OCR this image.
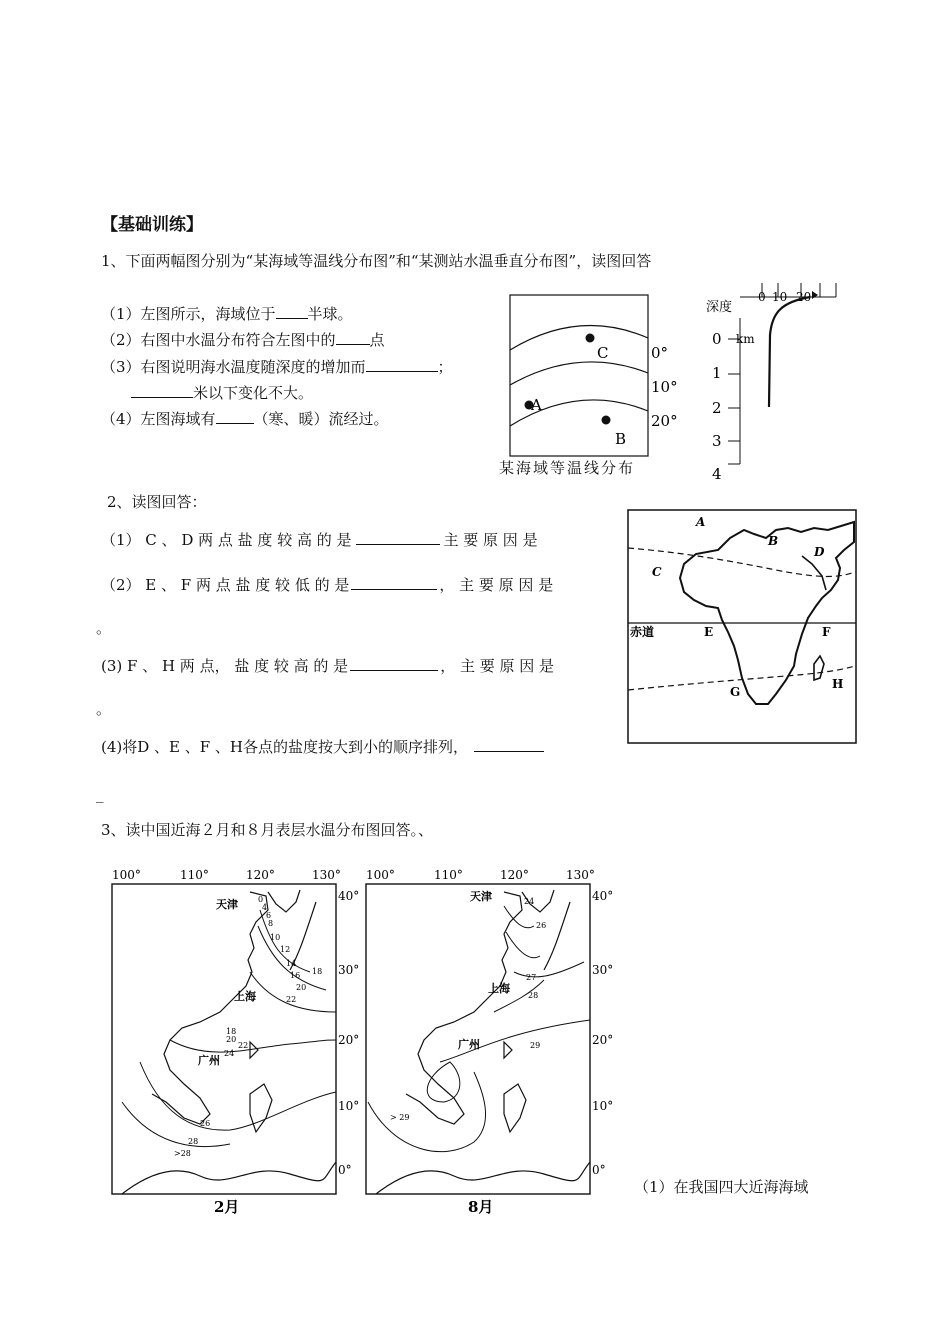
【基础训练】
1、下面两幅图分别为“某海域等温线分布图”和“某测站水温垂直分布图”，读图回答
（1）左图所示，海域位于 半球。
（2）右图中水温分布符合左图中的 点
（3）右图说明海水温度随深度的增加而	；
米以下变化不大。
（4）左图海域有	（寒、暖）流经过。
0°
10°
20°
C
A
B
某海域等温线分布
0 10 20
深度
0
1
2
3
4
km
2、读图回答：
（1） C 、 D 两 点 盐 度 较 高 的 是	主 要 原 因 是
（2） E 、 F 两 点 盐 度 较 低 的 是	， 主 要 原 因 是
。
(3) F 、 H 两 点， 盐 度 较 高 的 是	， 主 要 原 因 是
。
(4)将D 、E 、F 、H各点的盐度按大到小的顺序排列，
_
赤道
A
B
C
D
E	F
G
H
3、读中国近海２月和８月表层水温分布图回答。、
100°	110°	120°	130°
40°
30°
20°
10°
0°
天津
上海
广州
0
4
6
8
10
12
14
16 18
20
22
18
20
22
24
26
28
>28
2月
100°	110°	120°	130°
40°
30°
20°
10°
0°
天津
上海
广州
24
26
27
28
29
> 29
8月
（1）在我国四大近海海域
